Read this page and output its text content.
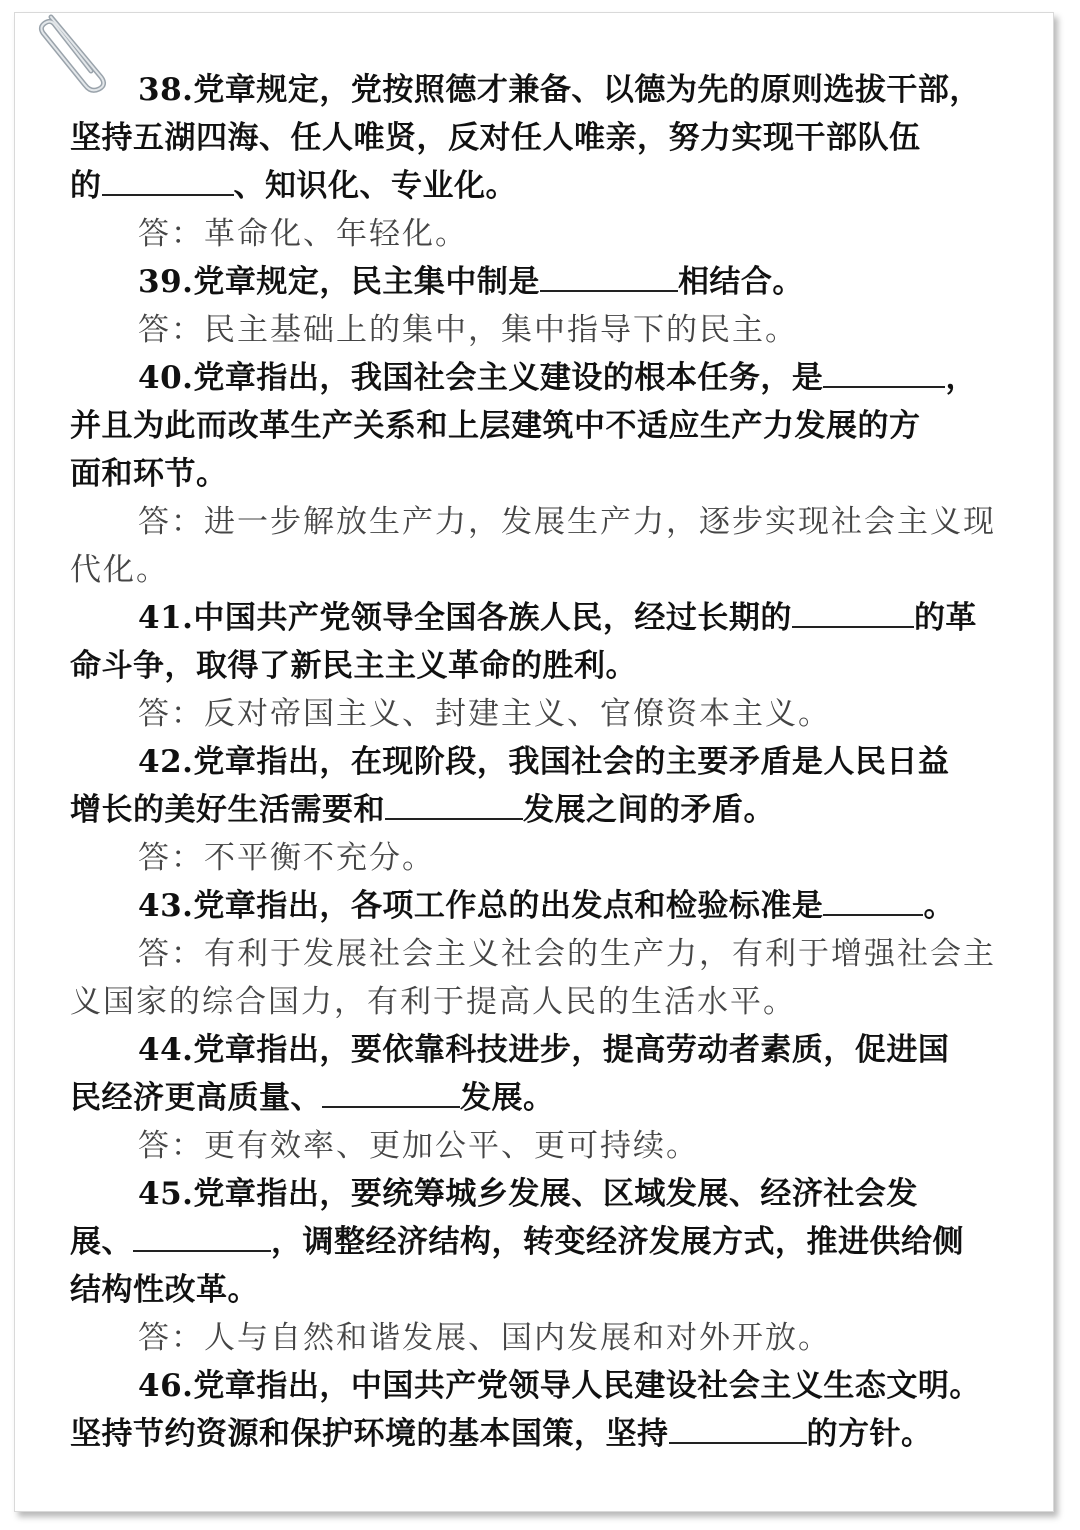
38.党章规定，党按照德才兼备、以德为先的原则选拔干部，
坚持五湖四海、任人唯贤，反对任人唯亲，努力实现干部队伍
的	、知识化、专业化。
答：革命化、年轻化。
39.党章规定，民主集中制是	相结合。
答：民主基础上的集中，集中指导下的民主。
40.党章指出，我国社会主义建设的根本任务，是	，
并且为此而改革生产关系和上层建筑中不适应生产力发展的方
面和环节。
答：进一步解放生产力，发展生产力，逐步实现社会主义现
代化。
41.中国共产党领导全国各族人民，经过长期的	的革
命斗争，取得了新民主主义革命的胜利。
答：反对帝国主义、封建主义、官僚资本主义。
42.党章指出，在现阶段，我国社会的主要矛盾是人民日益
增长的美好生活需要和	发展之间的矛盾。
答：不平衡不充分。
43.党章指出，各项工作总的出发点和检验标准是	。
答：有利于发展社会主义社会的生产力，有利于增强社会主
义国家的综合国力，有利于提高人民的生活水平。
44.党章指出，要依靠科技进步，提高劳动者素质，促进国
民经济更高质量、	发展。
答：更有效率、更加公平、更可持续。
45.党章指出，要统筹城乡发展、区域发展、经济社会发
展、	，调整经济结构，转变经济发展方式，推进供给侧
结构性改革。
答：人与自然和谐发展、国内发展和对外开放。
46.党章指出，中国共产党领导人民建设社会主义生态文明。
坚持节约资源和保护环境的基本国策，坚持	的方针。
